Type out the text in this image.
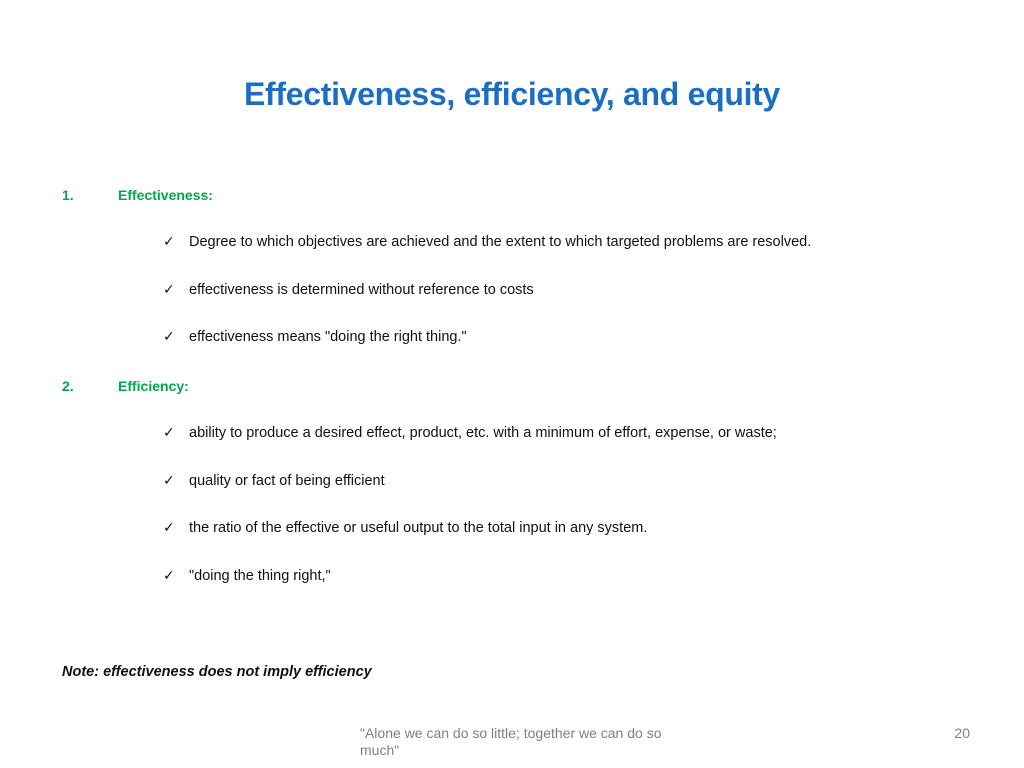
Effectiveness, efficiency, and equity
1.	Effectiveness:
✓ Degree to which objectives are achieved and the extent to which targeted problems are resolved.
✓ effectiveness is determined without reference to costs
✓ effectiveness means "doing the right thing."
2.	Efficiency:
✓ ability to produce a desired effect, product, etc. with a minimum of effort, expense, or waste;
✓ quality or fact of being efficient
✓ the ratio of the effective or useful output to the total input in any system.
✓ "doing the thing right,"
Note: effectiveness does not imply efficiency
"Alone we can do so little; together we can do so much"
20
